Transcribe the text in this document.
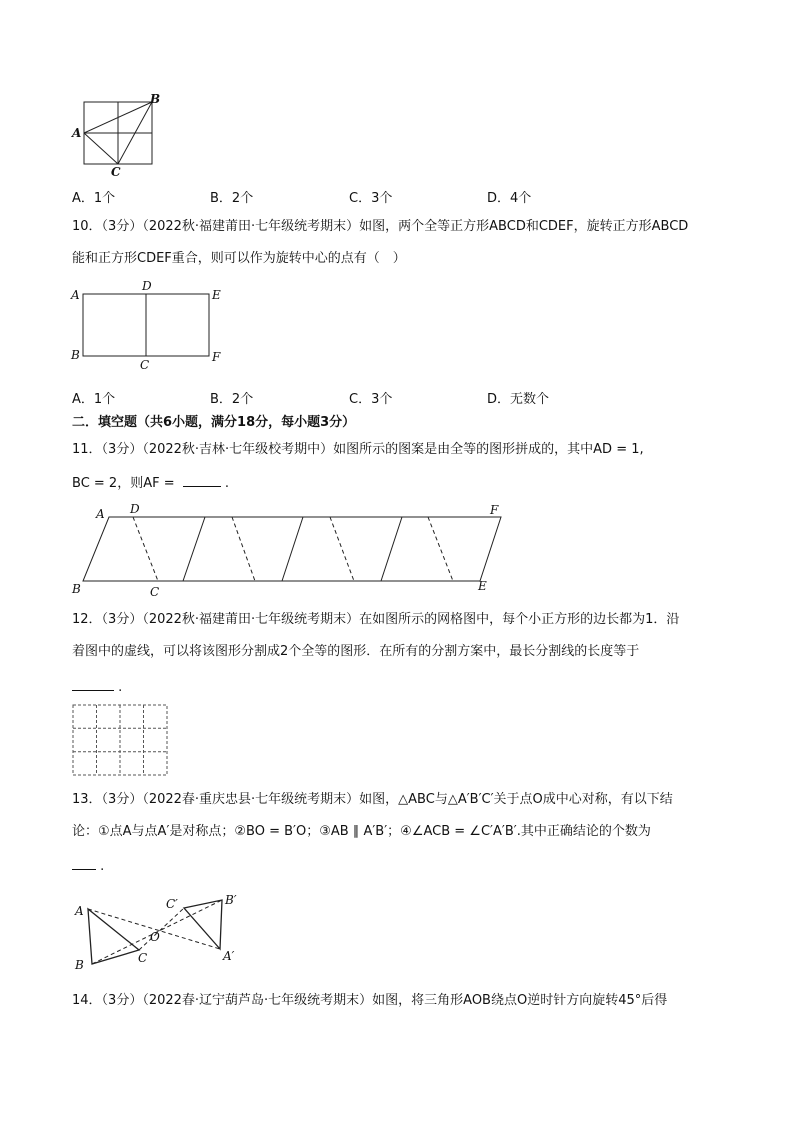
A
B
C
A．1个	B．2个	C．3个	D．4个
10．（3分）（2022秋·福建莆田·七年级统考期末）如图，两个全等正方形ABCD和CDEF，旋转正方形ABCD
能和正方形CDEF重合，则可以作为旋转中心的点有（　）
A
D
E
B
C
F
A．1个	B．2个	C．3个	D．无数个
二．填空题（共6小题，满分18分，每小题3分）
11．（3分）（2022秋·吉林·七年级校考期中）如图所示的图案是由全等的图形拼成的，其中AD = 1,
BC = 2，则AF =	.
A D	F
B	C	E
12．（3分）（2022秋·福建莆田·七年级统考期末）在如图所示的网格图中，每个小正方形的边长都为1．沿
着图中的虚线，可以将该图形分割成2个全等的图形．在所有的分割方案中，最长分割线的长度等于
.
13．（3分）（2022春·重庆忠县·七年级统考期末）如图，△ABC与△A′B′C′关于点O成中心对称，有以下结
论：①点A与点A′是对称点；②BO = B′O；③AB ∥ A′B′；④∠ACB = ∠C′A′B′.其中正确结论的个数为
.
A
B	C
O
C′	B′
A′
14．（3分）（2022春·辽宁葫芦岛·七年级统考期末）如图，将三角形AOB绕点O逆时针方向旋转45°后得
